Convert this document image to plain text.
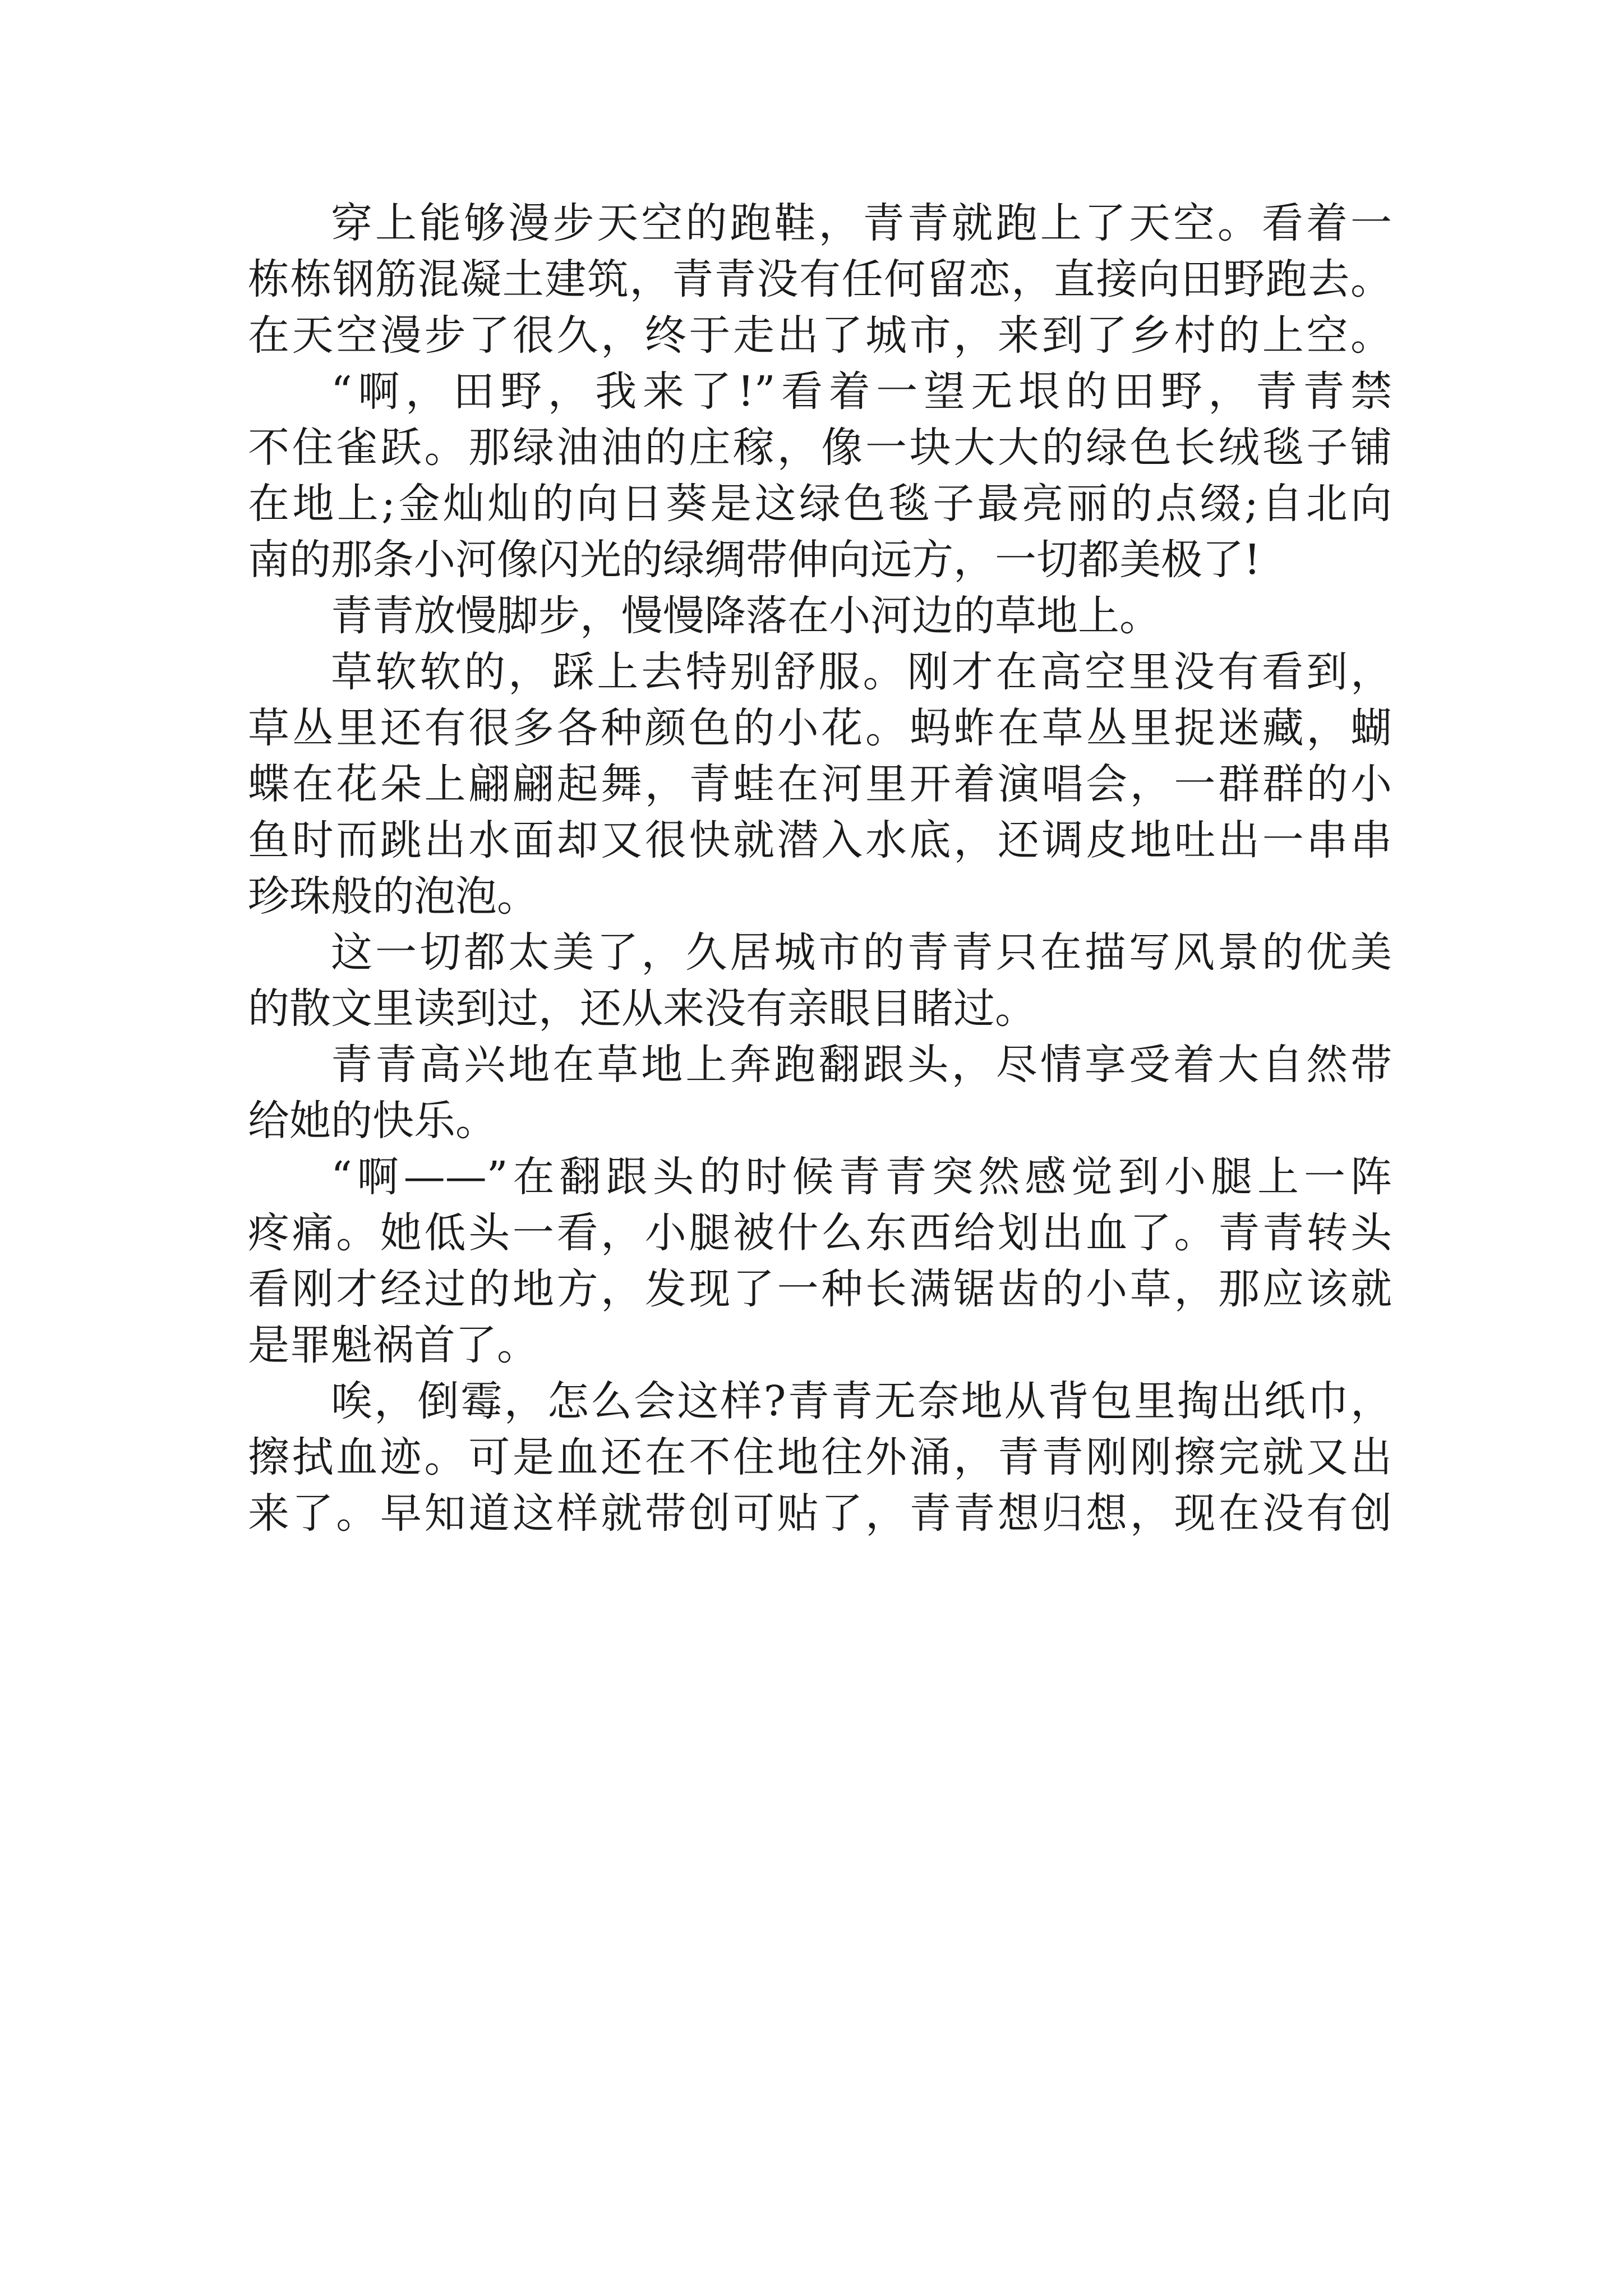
穿上能够漫步天空的跑鞋，青青就跑上了天空。看着一
栋栋钢筋混凝土建筑，青青没有任何留恋，直接向田野跑去。
在天空漫步了很久，终于走出了城市，来到了乡村的上空。
“啊，田野，我来了!”看着一望无垠的田野，青青禁
不住雀跃。那绿油油的庄稼，像一块大大的绿色长绒毯子铺
在地上;金灿灿的向日葵是这绿色毯子最亮丽的点缀;自北向
南的那条小河像闪光的绿绸带伸向远方，一切都美极了!
青青放慢脚步，慢慢降落在小河边的草地上。
草软软的，踩上去特别舒服。刚才在高空里没有看到，
草丛里还有很多各种颜色的小花。蚂蚱在草丛里捉迷藏，蝴
蝶在花朵上翩翩起舞，青蛙在河里开着演唱会，一群群的小
鱼时而跳出水面却又很快就潜入水底，还调皮地吐出一串串
珍珠般的泡泡。
这一切都太美了，久居城市的青青只在描写风景的优美
的散文里读到过，还从来没有亲眼目睹过。
青青高兴地在草地上奔跑翻跟头，尽情享受着大自然带
给她的快乐。
“啊——”在翻跟头的时候青青突然感觉到小腿上一阵
疼痛。她低头一看，小腿被什么东西给划出血了。青青转头
看刚才经过的地方，发现了一种长满锯齿的小草，那应该就
是罪魁祸首了。
唉，倒霉，怎么会这样?青青无奈地从背包里掏出纸巾，
擦拭血迹。可是血还在不住地往外涌，青青刚刚擦完就又出
来了。早知道这样就带创可贴了，青青想归想，现在没有创
